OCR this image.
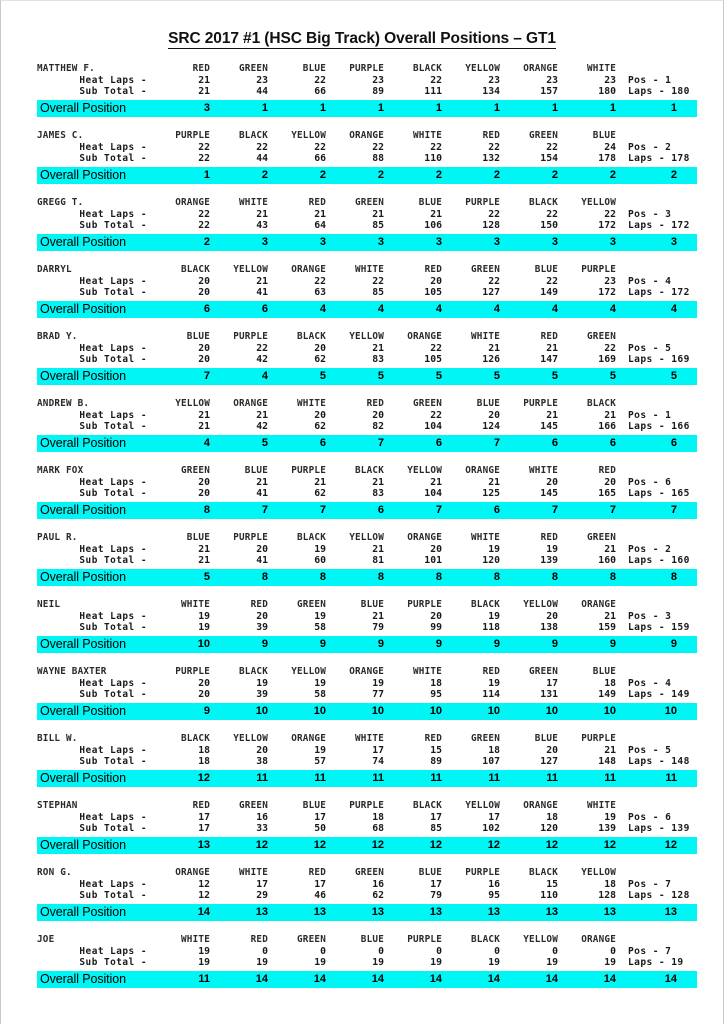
SRC 2017 #1 (HSC Big Track) Overall Positions – GT1
MATTHEW F.	RED	GREEN	BLUE	PURPLE	BLACK	YELLOW	ORANGE	WHITE	
Heat Laps -	21	23	22	23	22	23	23	23	Pos - 1
Sub Total -	21	44	66	89	111	134	157	180	Laps - 180
Overall Position	3	1	1	1	1	1	1	1	1
JAMES C.	PURPLE	BLACK	YELLOW	ORANGE	WHITE	RED	GREEN	BLUE	
Heat Laps -	22	22	22	22	22	22	22	24	Pos - 2
Sub Total -	22	44	66	88	110	132	154	178	Laps - 178
Overall Position	1	2	2	2	2	2	2	2	2
GREGG T.	ORANGE	WHITE	RED	GREEN	BLUE	PURPLE	BLACK	YELLOW	
Heat Laps -	22	21	21	21	21	22	22	22	Pos - 3
Sub Total -	22	43	64	85	106	128	150	172	Laps - 172
Overall Position	2	3	3	3	3	3	3	3	3
DARRYL	BLACK	YELLOW	ORANGE	WHITE	RED	GREEN	BLUE	PURPLE	
Heat Laps -	20	21	22	22	20	22	22	23	Pos - 4
Sub Total -	20	41	63	85	105	127	149	172	Laps - 172
Overall Position	6	6	4	4	4	4	4	4	4
BRAD Y.	BLUE	PURPLE	BLACK	YELLOW	ORANGE	WHITE	RED	GREEN	
Heat Laps -	20	22	20	21	22	21	21	22	Pos - 5
Sub Total -	20	42	62	83	105	126	147	169	Laps - 169
Overall Position	7	4	5	5	5	5	5	5	5
ANDREW B.	YELLOW	ORANGE	WHITE	RED	GREEN	BLUE	PURPLE	BLACK	
Heat Laps -	21	21	20	20	22	20	21	21	Pos - 1
Sub Total -	21	42	62	82	104	124	145	166	Laps - 166
Overall Position	4	5	6	7	6	7	6	6	6
MARK FOX	GREEN	BLUE	PURPLE	BLACK	YELLOW	ORANGE	WHITE	RED	
Heat Laps -	20	21	21	21	21	21	20	20	Pos - 6
Sub Total -	20	41	62	83	104	125	145	165	Laps - 165
Overall Position	8	7	7	6	7	6	7	7	7
PAUL R.	BLUE	PURPLE	BLACK	YELLOW	ORANGE	WHITE	RED	GREEN	
Heat Laps -	21	20	19	21	20	19	19	21	Pos - 2
Sub Total -	21	41	60	81	101	120	139	160	Laps - 160
Overall Position	5	8	8	8	8	8	8	8	8
NEIL	WHITE	RED	GREEN	BLUE	PURPLE	BLACK	YELLOW	ORANGE	
Heat Laps -	19	20	19	21	20	19	20	21	Pos - 3
Sub Total -	19	39	58	79	99	118	138	159	Laps - 159
Overall Position	10	9	9	9	9	9	9	9	9
WAYNE BAXTER	PURPLE	BLACK	YELLOW	ORANGE	WHITE	RED	GREEN	BLUE	
Heat Laps -	20	19	19	19	18	19	17	18	Pos - 4
Sub Total -	20	39	58	77	95	114	131	149	Laps - 149
Overall Position	9	10	10	10	10	10	10	10	10
BILL W.	BLACK	YELLOW	ORANGE	WHITE	RED	GREEN	BLUE	PURPLE	
Heat Laps -	18	20	19	17	15	18	20	21	Pos - 5
Sub Total -	18	38	57	74	89	107	127	148	Laps - 148
Overall Position	12	11	11	11	11	11	11	11	11
STEPHAN	RED	GREEN	BLUE	PURPLE	BLACK	YELLOW	ORANGE	WHITE	
Heat Laps -	17	16	17	18	17	17	18	19	Pos - 6
Sub Total -	17	33	50	68	85	102	120	139	Laps - 139
Overall Position	13	12	12	12	12	12	12	12	12
RON G.	ORANGE	WHITE	RED	GREEN	BLUE	PURPLE	BLACK	YELLOW	
Heat Laps -	12	17	17	16	17	16	15	18	Pos - 7
Sub Total -	12	29	46	62	79	95	110	128	Laps - 128
Overall Position	14	13	13	13	13	13	13	13	13
JOE	WHITE	RED	GREEN	BLUE	PURPLE	BLACK	YELLOW	ORANGE	
Heat Laps -	19	0	0	0	0	0	0	0	Pos - 7
Sub Total -	19	19	19	19	19	19	19	19	Laps - 19
Overall Position	11	14	14	14	14	14	14	14	14
